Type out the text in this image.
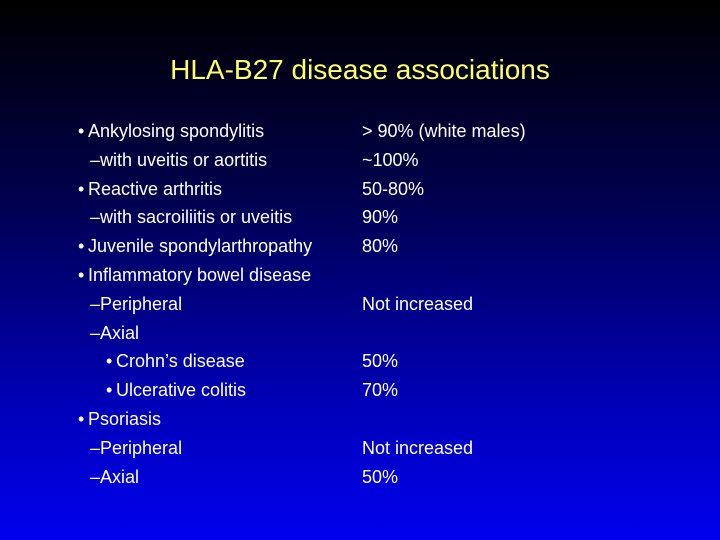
HLA-B27 disease associations
• Ankylosing spondylitis
–with uveitis or aortitis
• Reactive arthritis
–with sacroiliitis or uveitis
• Juvenile spondylarthropathy
• Inflammatory bowel disease
–Peripheral
–Axial
• Crohn’s disease
• Ulcerative colitis
• Psoriasis
–Peripheral
–Axial
> 90% (white males)
~100%
50-80%
90%
80%
Not increased
50%
70%
Not increased
50%
